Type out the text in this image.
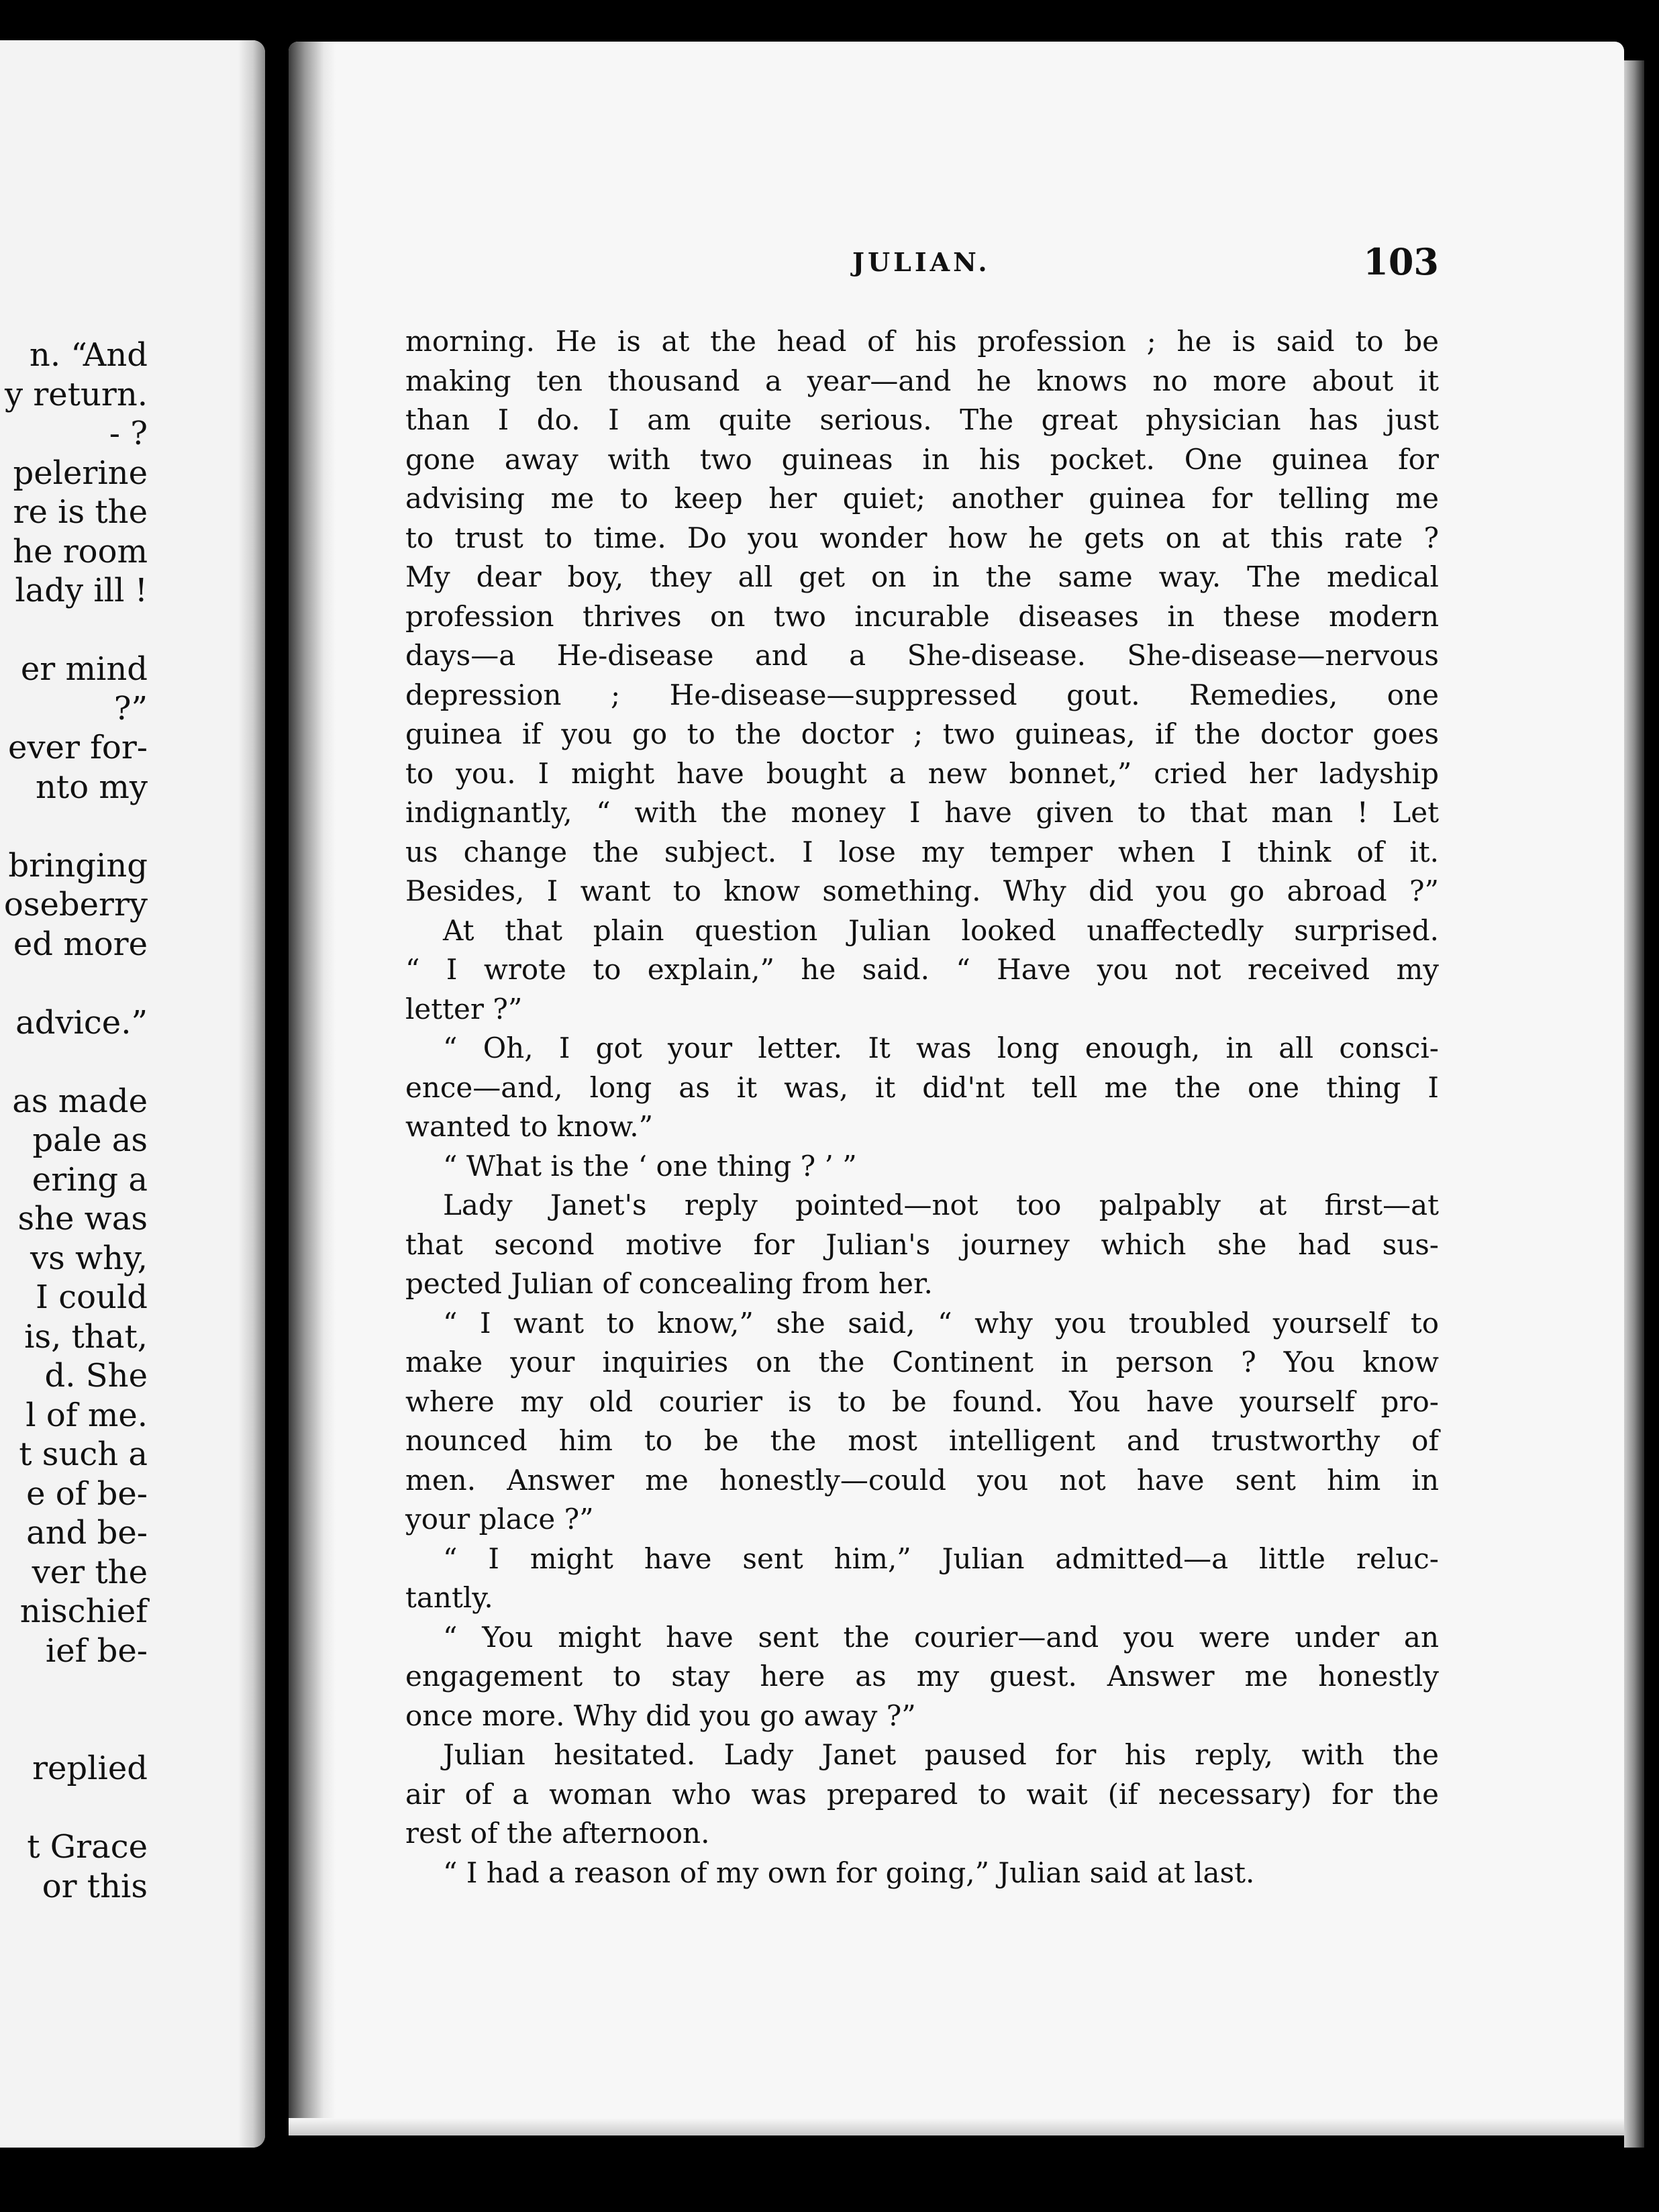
n. “And
y return.
- ?
pelerine
re is the
he room
lady ill !
er mind
?”
ever for-
nto my
bringing
oseberry
ed more
advice.”
as made
pale as
ering a
she was
vs why,
I could
is, that,
d. She
l of me.
t such a
e of be-
and be-
ver the
nischief
ief be-
replied
t Grace
or this
JULIAN.	103
morning. He is at the head of his profession ; he is said to be
making ten thousand a year—and he knows no more about it
than I do. I am quite serious. The great physician has just
gone away with two guineas in his pocket. One guinea for
advising me to keep her quiet; another guinea for telling me
to trust to time. Do you wonder how he gets on at this rate ?
My dear boy, they all get on in the same way. The medical
profession thrives on two incurable diseases in these modern
days—a He-disease and a She-disease. She-disease—nervous
depression ; He-disease—suppressed gout. Remedies, one
guinea if you go to the doctor ; two guineas, if the doctor goes
to you. I might have bought a new bonnet,” cried her ladyship
indignantly, “ with the money I have given to that man ! Let
us change the subject. I lose my temper when I think of it.
Besides, I want to know something. Why did you go abroad ?”
At that plain question Julian looked unaffectedly surprised.
“ I wrote to explain,” he said. “ Have you not received my
letter ?”
“ Oh, I got your letter. It was long enough, in all consci-
ence—and, long as it was, it did'nt tell me the one thing I
wanted to know.”
“ What is the ‘ one thing ? ’ ”
Lady Janet's reply pointed—not too palpably at first—at
that second motive for Julian's journey which she had sus-
pected Julian of concealing from her.
“ I want to know,” she said, “ why you troubled yourself to
make your inquiries on the Continent in person ? You know
where my old courier is to be found. You have yourself pro-
nounced him to be the most intelligent and trustworthy of
men. Answer me honestly—could you not have sent him in
your place ?”
“ I might have sent him,” Julian admitted—a little reluc-
tantly.
“ You might have sent the courier—and you were under an
engagement to stay here as my guest. Answer me honestly
once more. Why did you go away ?”
Julian hesitated. Lady Janet paused for his reply, with the
air of a woman who was prepared to wait (if necessary) for the
rest of the afternoon.
“ I had a reason of my own for going,” Julian said at last.
